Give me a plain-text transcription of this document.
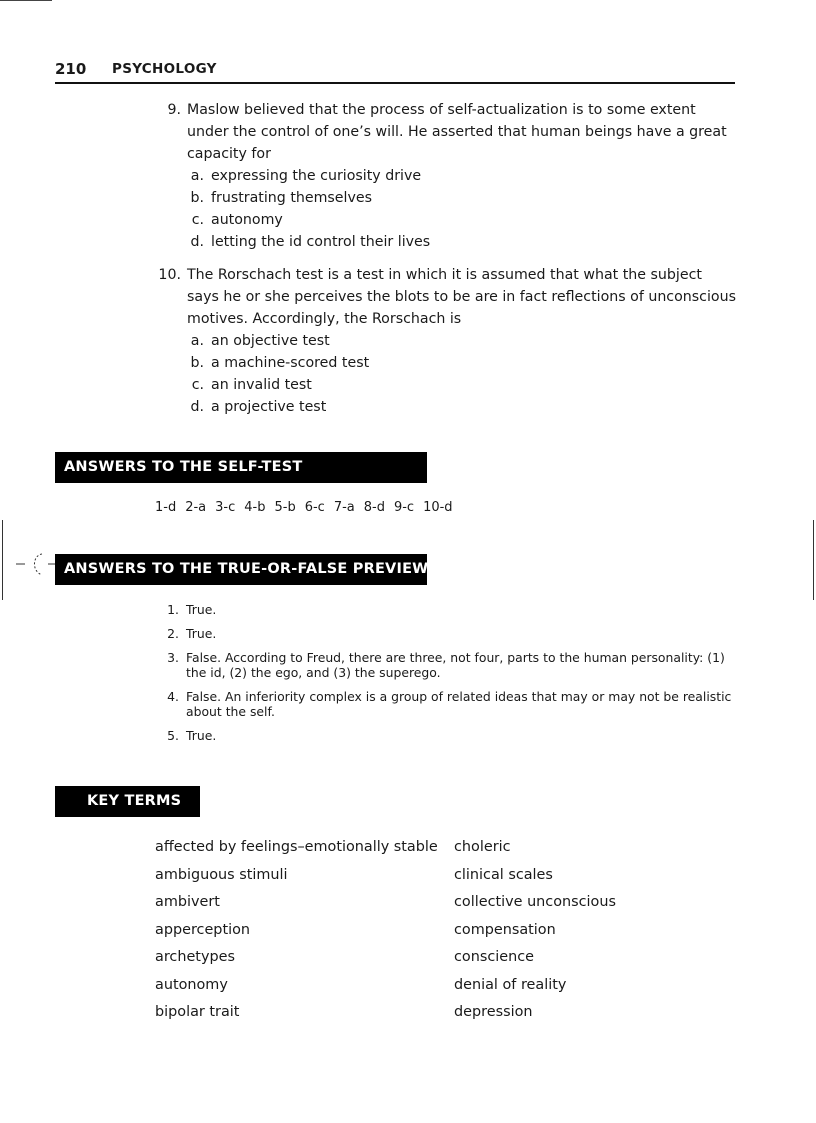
210 PSYCHOLOGY
9. Maslow believed that the process of self-actualization is to some extent under the control of one’s will. He asserted that human beings have a great capacity for
a. expressing the curiosity drive
b. frustrating themselves
c. autonomy
d. letting the id control their lives
10. The Rorschach test is a test in which it is assumed that what the subject says he or she perceives the blots to be are in fact reflections of unconscious motives. Accordingly, the Rorschach is
a. an objective test
b. a machine-scored test
c. an invalid test
d. a projective test
ANSWERS TO THE SELF-TEST
1-d 2-a 3-c 4-b 5-b 6-c 7-a 8-d 9-c 10-d
ANSWERS TO THE TRUE-OR-FALSE PREVIEW QUIZ
1. True.
2. True.
3. False. According to Freud, there are three, not four, parts to the human personality: (1) the id, (2) the ego, and (3) the superego.
4. False. An inferiority complex is a group of related ideas that may or may not be realistic about the self.
5. True.
KEY TERMS
affected by feelings–emotionally stable
ambiguous stimuli
ambivert
apperception
archetypes
autonomy
bipolar trait
choleric
clinical scales
collective unconscious
compensation
conscience
denial of reality
depression
